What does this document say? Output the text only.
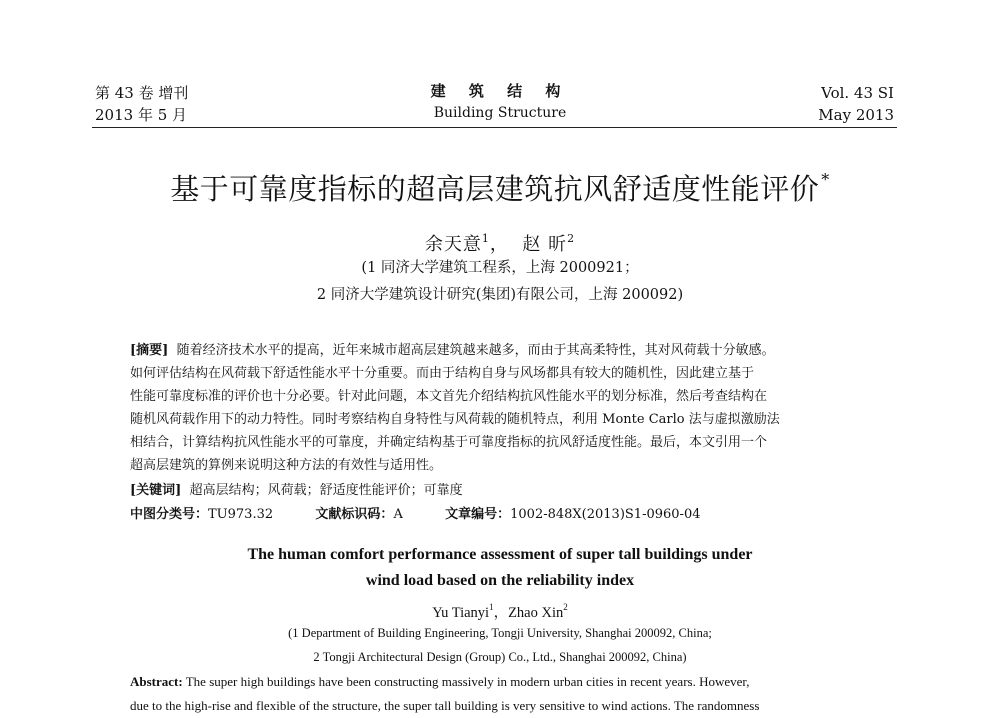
第 43 卷 增刊
2013 年 5 月
建 筑 结 构
Building Structure
Vol. 43 SI
May 2013
基于可靠度指标的超高层建筑抗风舒适度性能评价 *
余天意$^1$， 赵 昕$^2$
(1 同济大学建筑工程系，上海 2000921；
2 同济大学建筑设计研究(集团)有限公司，上海 200092)
[摘要] 随着经济技术水平的提高，近年来城市超高层建筑越来越多，而由于其高柔特性，其对风荷载十分敏感。
如何评估结构在风荷载下舒适性能水平十分重要。而由于结构自身与风场都具有较大的随机性，因此建立基于
性能可靠度标准的评价也十分必要。针对此问题，本文首先介绍结构抗风性能水平的划分标准，然后考查结构在
随机风荷载作用下的动力特性。同时考察结构自身特性与风荷载的随机特点，利用 Monte Carlo 法与虚拟激励法
相结合，计算结构抗风性能水平的可靠度，并确定结构基于可靠度指标的抗风舒适度性能。最后，本文引用一个
超高层建筑的算例来说明这种方法的有效性与适用性。
[关键词] 超高层结构；风荷载；舒适度性能评价；可靠度
中图分类号：TU973.32	文献标识码：A	文章编号：1002-848X(2013)S1-0960-04
The human comfort performance assessment of super tall buildings under
wind load based on the reliability index
Yu Tianyi$^1$，Zhao Xin$^2$
(1 Department of Building Engineering, Tongji University, Shanghai 200092, China;
2 Tongji Architectural Design (Group) Co., Ltd., Shanghai 200092, China)
Abstract: The super high buildings have been constructing massively in modern urban cities in recent years. However,
due to the high-rise and flexible of the structure, the super tall building is very sensitive to wind actions. The randomness
